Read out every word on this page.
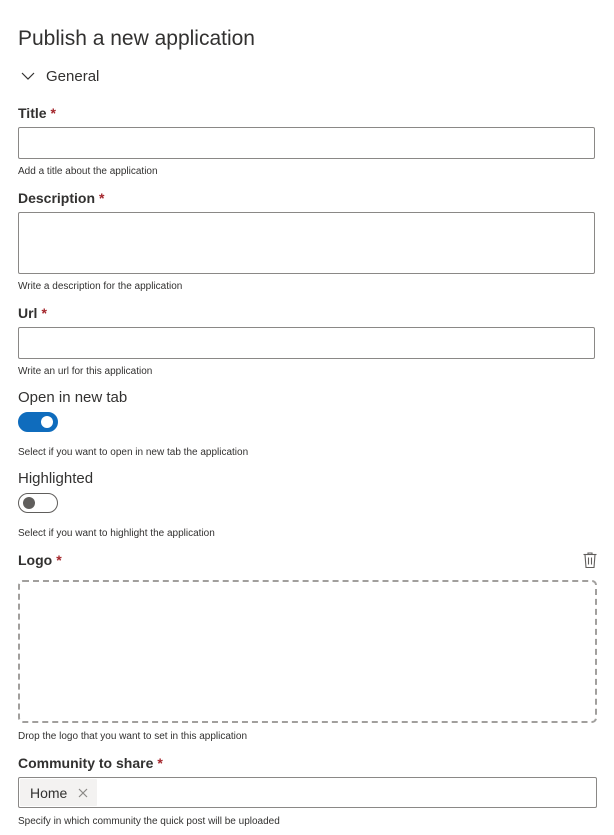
Publish a new application
General
Title *
Add a title about the application
Description *
Write a description for the application
Url *
Write an url for this application
Open in new tab
Select if you want to open in new tab the application
Highlighted
Select if you want to highlight the application
Logo *
Drop the logo that you want to set in this application
Community to share *
Home
Specify in which community the quick post will be uploaded
